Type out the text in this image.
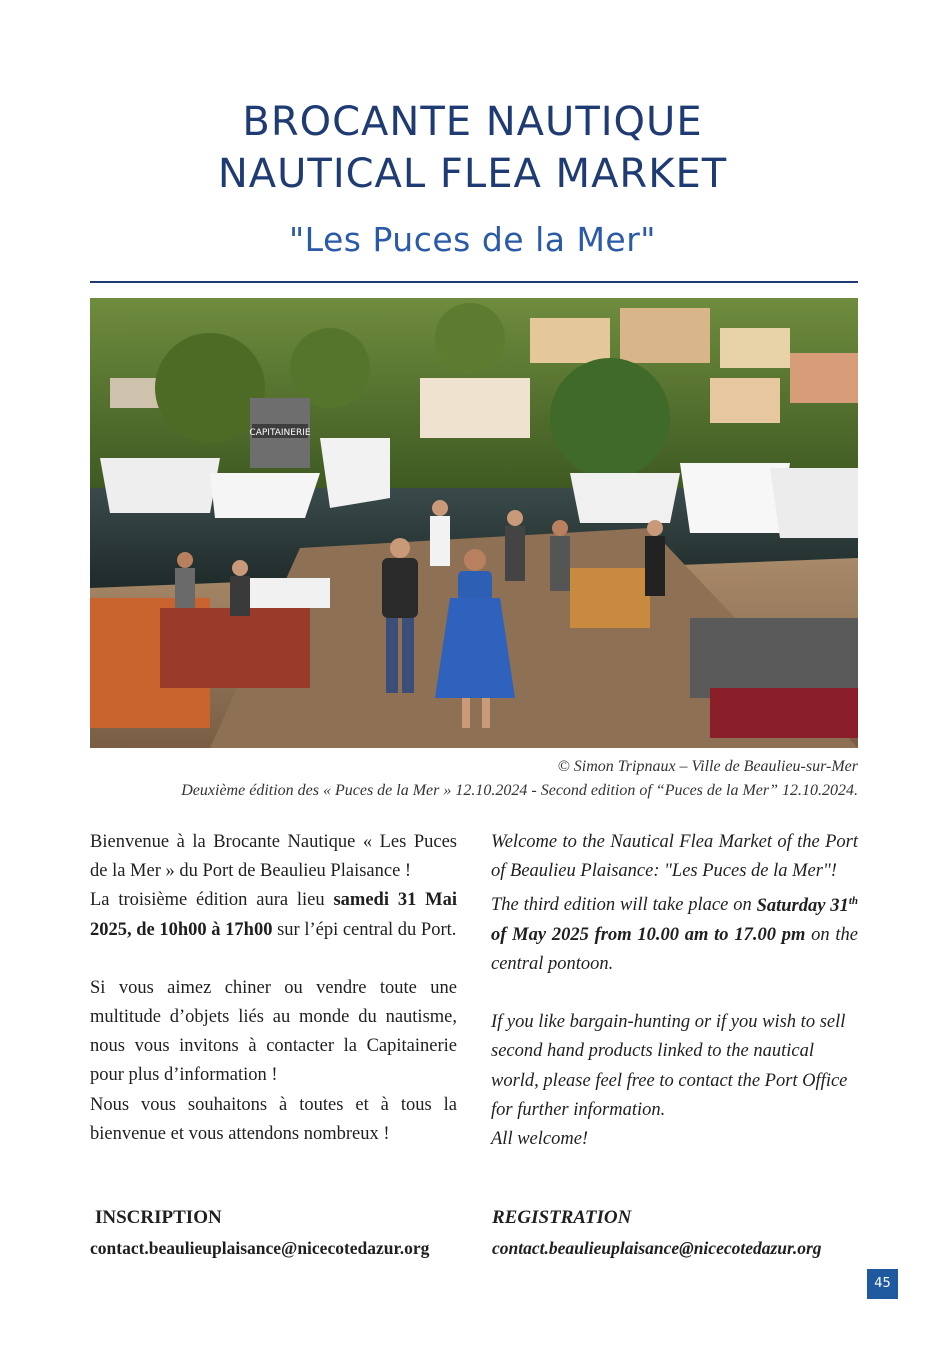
BROCANTE NAUTIQUE
NAUTICAL FLEA MARKET
"Les Puces de la Mer"
CAPITAINERIE
© Simon Tripnaux – Ville de Beaulieu-sur-Mer
Deuxième édition des « Puces de la Mer » 12.10.2024 - Second edition of “Puces de la Mer” 12.10.2024.

Bienvenue à la Brocante Nautique « Les Puces de la Mer » du Port de Beaulieu Plaisance !

La troisième édition aura lieu samedi 31 Mai 2025, de 10h00 à 17h00 sur l’épi central du Port.

Si vous aimez chiner ou vendre toute une multitude d’objets liés au monde du nautisme, nous vous invitons à contacter la Capitainerie pour plus d’information !

Nous vous souhaitons à toutes et à tous la bienvenue et vous attendons nombreux !

Welcome to the Nautical Flea Market of the Port of Beaulieu Plaisance: "Les Puces de la Mer"!

The third edition will take place on Saturday 31th of May 2025 from 10.00 am to 17.00 pm on the central pontoon.

If you like bargain-hunting or if you wish to sell second hand products linked to the nautical world, please feel free to contact the Port Office for further information.

All welcome!

INSCRIPTION	REGISTRATION
contact.beaulieuplaisance@nicecotedazur.org	contact.beaulieuplaisance@nicecotedazur.org
45
